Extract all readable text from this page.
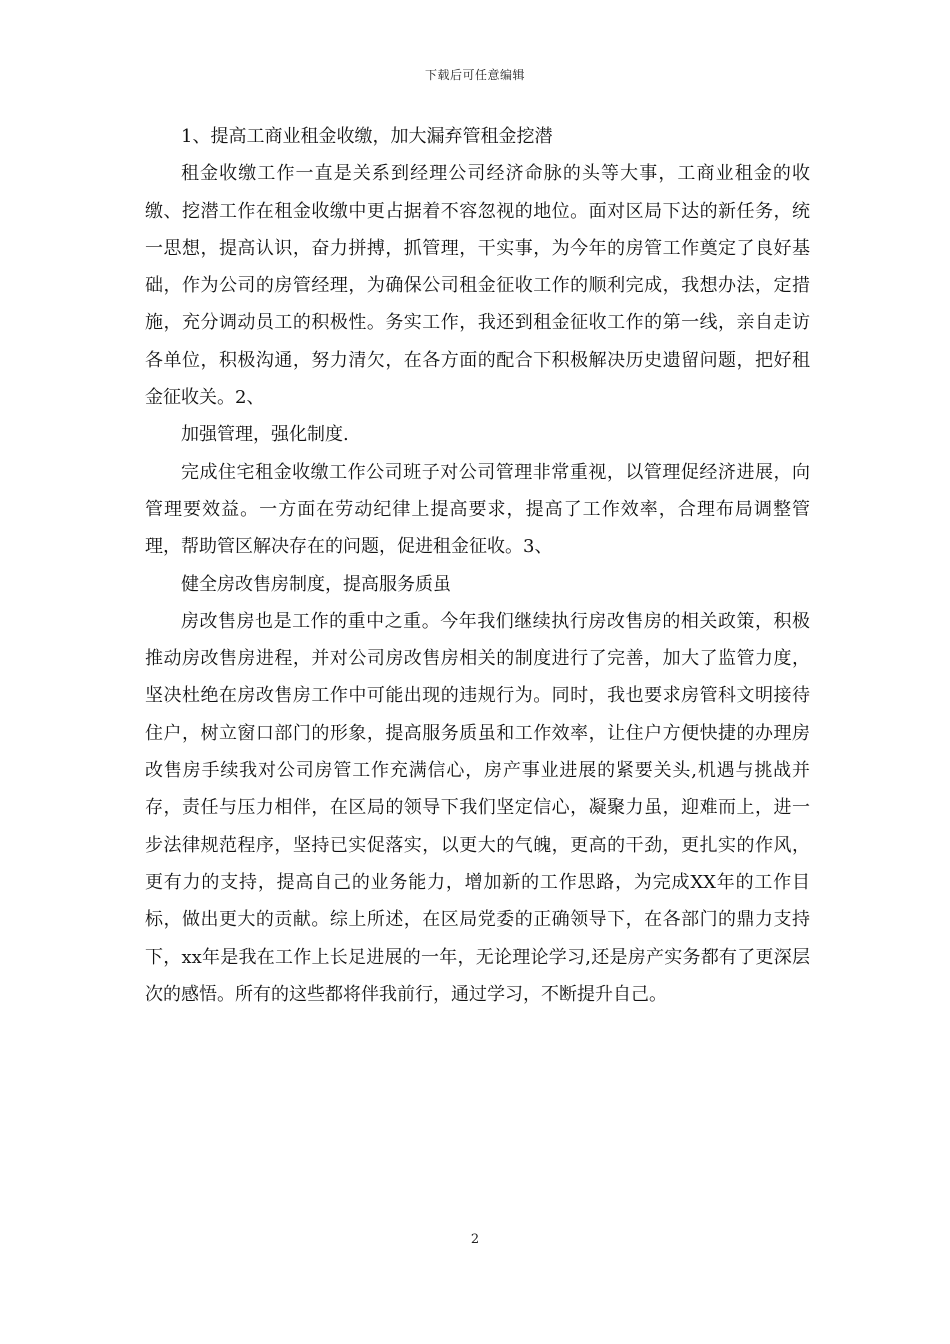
下载后可任意编辑

1、提高工商业租金收缴，加大漏弃管租金挖潜

租金收缴工作一直是关系到经理公司经济命脉的头等大事，工商业租金的收缴、挖潜工作在租金收缴中更占据着不容忽视的地位。面对区局下达的新任务，统一思想，提高认识，奋力拼搏，抓管理，干实事，为今年的房管工作奠定了良好基础，作为公司的房管经理，为确保公司租金征收工作的顺利完成，我想办法，定措施，充分调动员工的积极性。务实工作，我还到租金征收工作的第一线，亲自走访各单位，积极沟通，努力清欠，在各方面的配合下积极解决历史遗留问题，把好租金征收关。2、

加强管理，强化制度.

完成住宅租金收缴工作公司班子对公司管理非常重视，以管理促经济进展，向管理要效益。一方面在劳动纪律上提高要求，提高了工作效率，合理布局调整管理，帮助管区解决存在的问题，促进租金征收。3、

健全房改售房制度，提高服务质虽

房改售房也是工作的重中之重。今年我们继续执行房改售房的相关政策，积极推动房改售房进程，并对公司房改售房相关的制度进行了完善，加大了监管力度，坚决杜绝在房改售房工作中可能出现的违规行为。同时，我也要求房管科文明接待住户，树立窗口部门的形象，提高服务质虽和工作效率，让住户方便快捷的办理房改售房手续我对公司房管工作充满信心，房产事业进展的紧要关头,机遇与挑战并存，责任与压力相伴，在区局的领导下我们坚定信心，凝聚力虽，迎难而上，进一步法律规范程序，坚持已实促落实，以更大的气魄，更高的干劲，更扎实的作风，更有力的支持，提高自己的业务能力，增加新的工作思路，为完成XX年的工作目标，做出更大的贡献。综上所述，在区局党委的正确领导下，在各部门的鼎力支持下，xx年是我在工作上长足进展的一年，无论理论学习,还是房产实务都有了更深层次的感悟。所有的这些都将伴我前行，通过学习，不断提升自己。

2
